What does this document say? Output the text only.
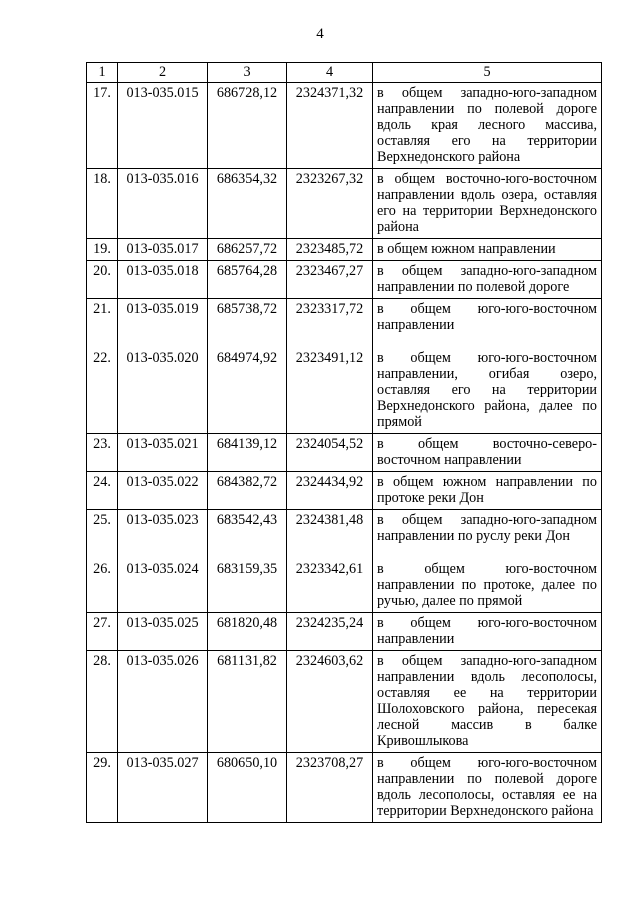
4
1	2	3	4	5
17.	013-035.015	686728,12	2324371,32	в общем западно-юго-западном направлении по полевой дороге вдоль края лесного массива, оставляя его на территории Верхнедонского района
18.	013-035.016	686354,32	2323267,32	в общем восточно-юго-восточном направлении вдоль озера, оставляя его на территории Верхнедонского района
19.	013-035.017	686257,72	2323485,72	в общем южном направлении
20.	013-035.018	685764,28	2323467,27	в общем западно-юго-западном направлении по полевой дороге
21.	013-035.019	685738,72	2323317,72	в общем юго-юго-восточном направлении
22.	013-035.020	684974,92	2323491,12	в общем юго-юго-восточном направлении, огибая озеро, оставляя его на территории Верхнедонского района, далее по прямой
23.	013-035.021	684139,12	2324054,52	в общем восточно-северо-восточном направлении
24.	013-035.022	684382,72	2324434,92	в общем южном направлении по протоке реки Дон
25.	013-035.023	683542,43	2324381,48	в общем западно-юго-западном направлении по руслу реки Дон
26.	013-035.024	683159,35	2323342,61	в общем юго-восточном направлении по протоке, далее по ручью, далее по прямой
27.	013-035.025	681820,48	2324235,24	в общем юго-юго-восточном направлении
28.	013-035.026	681131,82	2324603,62	в общем западно-юго-западном направлении вдоль лесополосы, оставляя ее на территории Шолоховского района, пересекая лесной массив в балке Кривошлыкова
29.	013-035.027	680650,10	2323708,27	в общем юго-юго-восточном направлении по полевой дороге вдоль лесополосы, оставляя ее на территории Верхнедонского района
